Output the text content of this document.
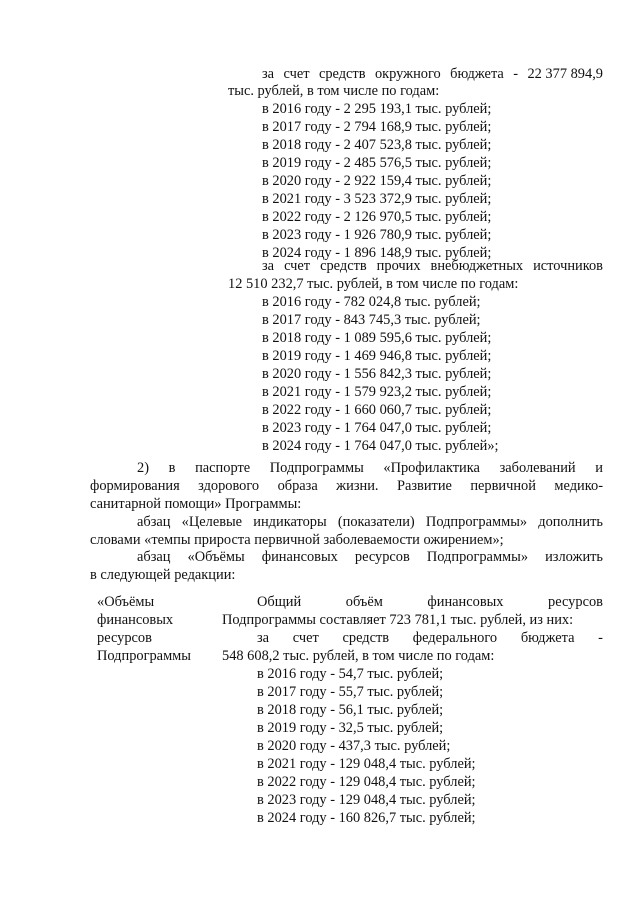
за счет средств окружного бюджета - 22 377 894,9
тыс. рублей, в том числе по годам:
в 2016 году - 2 295 193,1 тыс. рублей;
в 2017 году - 2 794 168,9 тыс. рублей;
в 2018 году - 2 407 523,8 тыс. рублей;
в 2019 году - 2 485 576,5 тыс. рублей;
в 2020 году - 2 922 159,4 тыс. рублей;
в 2021 году - 3 523 372,9 тыс. рублей;
в 2022 году - 2 126 970,5 тыс. рублей;
в 2023 году - 1 926 780,9 тыс. рублей;
в 2024 году - 1 896 148,9 тыс. рублей;
за счет средств прочих внебюджетных источников
12 510 232,7 тыс. рублей, в том числе по годам:
в 2016 году - 782 024,8 тыс. рублей;
в 2017 году - 843 745,3 тыс. рублей;
в 2018 году - 1 089 595,6 тыс. рублей;
в 2019 году - 1 469 946,8 тыс. рублей;
в 2020 году - 1 556 842,3 тыс. рублей;
в 2021 году - 1 579 923,2 тыс. рублей;
в 2022 году - 1 660 060,7 тыс. рублей;
в 2023 году - 1 764 047,0 тыс. рублей;
в 2024 году - 1 764 047,0 тыс. рублей»;
2) в паспорте Подпрограммы «Профилактика заболеваний и
формирования здорового образа жизни. Развитие первичной медико-
санитарной помощи» Программы:
абзац «Целевые индикаторы (показатели) Подпрограммы» дополнить
словами «темпы прироста первичной заболеваемости ожирением»;
абзац «Объёмы финансовых ресурсов Подпрограммы» изложить
в следующей редакции:
«Объёмы
финансовых
ресурсов
Подпрограммы
Общий	объём	финансовых	ресурсов
Подпрограммы составляет 723 781,1 тыс. рублей, из них:
за счет средств федерального бюджета -
548 608,2 тыс. рублей, в том числе по годам:
в 2016 году - 54,7 тыс. рублей;
в 2017 году - 55,7 тыс. рублей;
в 2018 году - 56,1 тыс. рублей;
в 2019 году - 32,5 тыс. рублей;
в 2020 году - 437,3 тыс. рублей;
в 2021 году - 129 048,4 тыс. рублей;
в 2022 году - 129 048,4 тыс. рублей;
в 2023 году - 129 048,4 тыс. рублей;
в 2024 году - 160 826,7 тыс. рублей;
